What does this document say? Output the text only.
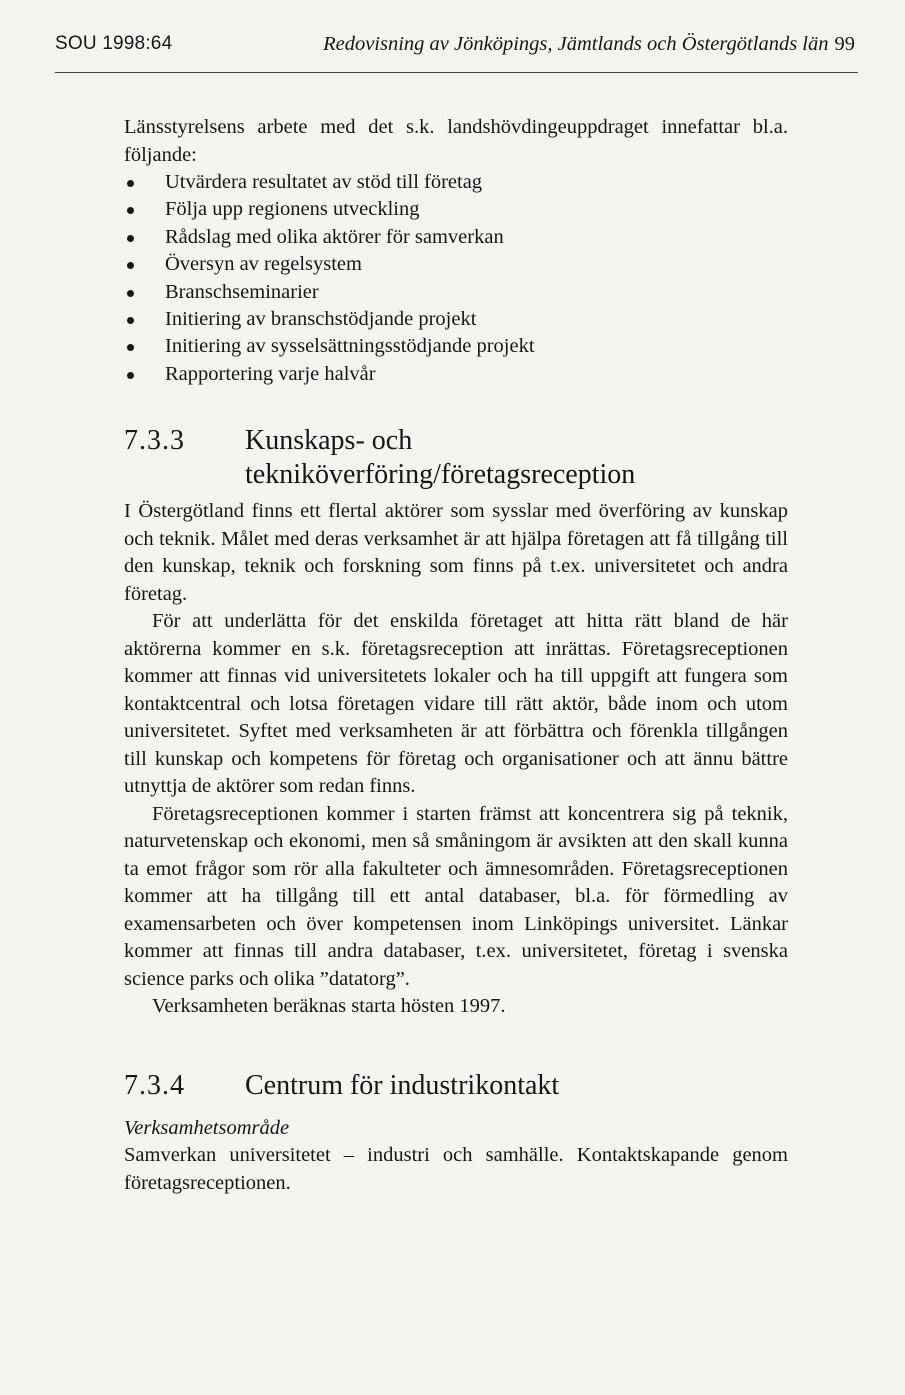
SOU 1998:64	Redovisning av Jönköpings, Jämtlands och Östergötlands län 99

Länsstyrelsens arbete med det s.k. landshövdingeuppdraget innefattar bl.a. följande:

Utvärdera resultatet av stöd till företag
Följa upp regionens utveckling
Rådslag med olika aktörer för samverkan
Översyn av regelsystem
Branschseminarier
Initiering av branschstödjande projekt
Initiering av sysselsättningsstödjande projekt
Rapportering varje halvår
7.3.3 Kunskaps- och
tekniköverföring/företagsreception

I Östergötland finns ett flertal aktörer som sysslar med överföring av kunskap och teknik. Målet med deras verksamhet är att hjälpa företagen att få tillgång till den kunskap, teknik och forskning som finns på t.ex. universitetet och andra företag.

För att underlätta för det enskilda företaget att hitta rätt bland de här aktörerna kommer en s.k. företagsreception att inrättas. Företagsreceptionen kommer att finnas vid universitetets lokaler och ha till uppgift att fungera som kontaktcentral och lotsa företagen vidare till rätt aktör, både inom och utom universitetet. Syftet med verksamheten är att förbättra och förenkla tillgången till kunskap och kompetens för företag och organisationer och att ännu bättre utnyttja de aktörer som redan finns.

Företagsreceptionen kommer i starten främst att koncentrera sig på teknik, naturvetenskap och ekonomi, men så småningom är avsikten att den skall kunna ta emot frågor som rör alla fakulteter och ämnesområden. Företagsreceptionen kommer att ha tillgång till ett antal databaser, bl.a. för förmedling av examensarbeten och över kompetensen inom Linköpings universitet. Länkar kommer att finnas till andra databaser, t.ex. universitetet, företag i svenska science parks och olika ”datatorg”.

Verksamheten beräknas starta hösten 1997.

7.3.4 Centrum för industrikontakt

Verksamhetsområde

Samverkan universitetet – industri och samhälle. Kontaktskapande genom företagsreceptionen.
